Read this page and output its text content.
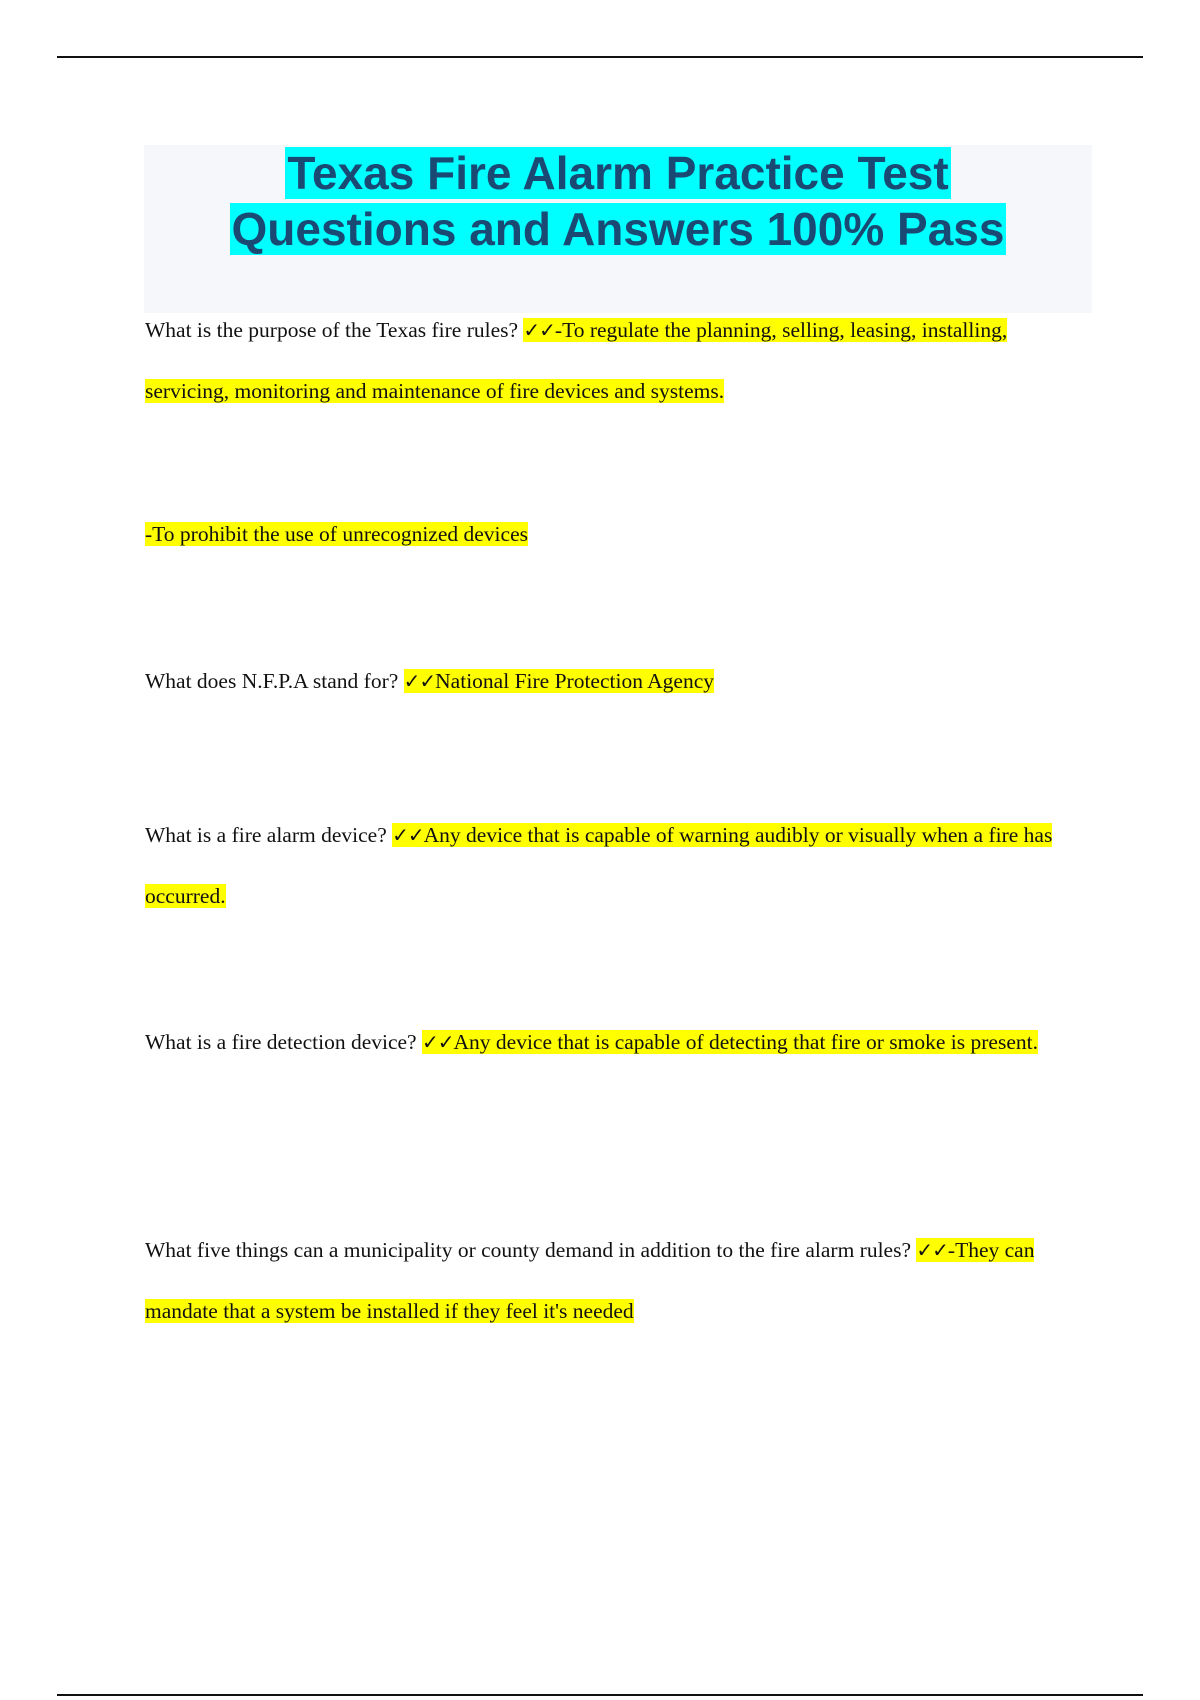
Texas Fire Alarm Practice Test
Questions and Answers 100% Pass

What is the purpose of the Texas fire rules? ✓✓-To regulate the planning, selling, leasing, installing, servicing, monitoring and maintenance of fire devices and systems.

-To prohibit the use of unrecognized devices

What does N.F.P.A stand for? ✓✓National Fire Protection Agency

What is a fire alarm device? ✓✓Any device that is capable of warning audibly or visually when a fire has occurred.

What is a fire detection device? ✓✓Any device that is capable of detecting that fire or smoke is present.

What five things can a municipality or county demand in addition to the fire alarm rules? ✓✓-They can mandate that a system be installed if they feel it's needed
